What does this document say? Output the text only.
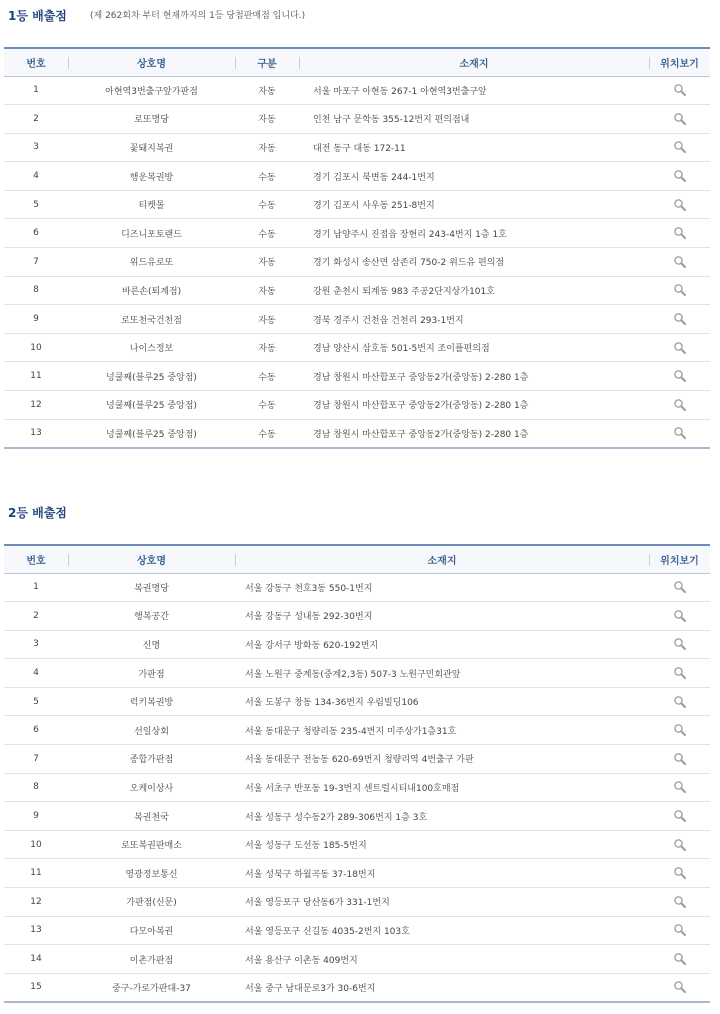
1등 배출점	(제 262회차 부터 현재까지의 1등 당첨판매점 입니다.)
번호	상호명	구분	소재지	위치보기
1	아현역3번출구앞가판점	자동	서울 마포구 아현동 267-1 아현역3번출구앞	

2	로또명당	자동	인천 남구 문학동 355-12번지 편의점내	

3	꽃돼지복권	자동	대전 동구 대동 172-11	

4	행운복권방	수동	경기 김포시 북변동 244-1번지	

5	티켓몰	수동	경기 김포시 사우동 251-8번지	

6	디즈니포토랜드	수동	경기 남양주시 진접읍 장현리 243-4번지 1층 1호	

7	위드유로또	자동	경기 화성시 송산면 삼존리 750-2 위드유 편의점	

8	바른손(퇴계점)	자동	강원 춘천시 퇴계동 983 주공2단지상가101호	

9	로또천국건천점	자동	경북 경주시 건천읍 건천리 293-1번지	

10	나이스정보	자동	경남 양산시 삼호동 501-5번지 조이플편의점	

11	넝쿨째(블루25 중앙점)	수동	경남 창원시 마산합포구 중앙동2가(중앙동) 2-280 1층	

12	넝쿨째(블루25 중앙점)	수동	경남 창원시 마산합포구 중앙동2가(중앙동) 2-280 1층	

13	넝쿨째(블루25 중앙점)	수동	경남 창원시 마산합포구 중앙동2가(중앙동) 2-280 1층	
2등 배출점
번호	상호명	소재지	위치보기
1	복권명당	서울 강동구 천호3동 550-1번지	

2	행복공간	서울 강동구 성내동 292-30번지	

3	신명	서울 강서구 방화동 620-192번지	

4	가판점	서울 노원구 중계동(중계2,3동) 507-3 노원구민회관앞	

5	럭키복권방	서울 도봉구 창동 134-36번지 우림빌딩106	

6	선일상회	서울 동대문구 청량리동 235-4번지 미주상가1층31호	

7	종합가판점	서울 동대문구 전농동 620-69번지 청량리역 4번출구 가판	

8	오케이상사	서울 서초구 반포동 19-3번지 센트럴시티내100호매점	

9	복권천국	서울 성동구 성수동2가 289-306번지 1층 3호	

10	로또복권판매소	서울 성동구 도선동 185-5번지	

11	영광정보통신	서울 성북구 하월곡동 37-18번지	

12	가판점(신문)	서울 영등포구 당산동6가 331-1번지	

13	다모아복권	서울 영등포구 신길동 4035-2번지 103호	

14	이촌가판점	서울 용산구 이촌동 409번지	

15	중구-가로가판대-37	서울 중구 남대문로3가 30-6번지	
